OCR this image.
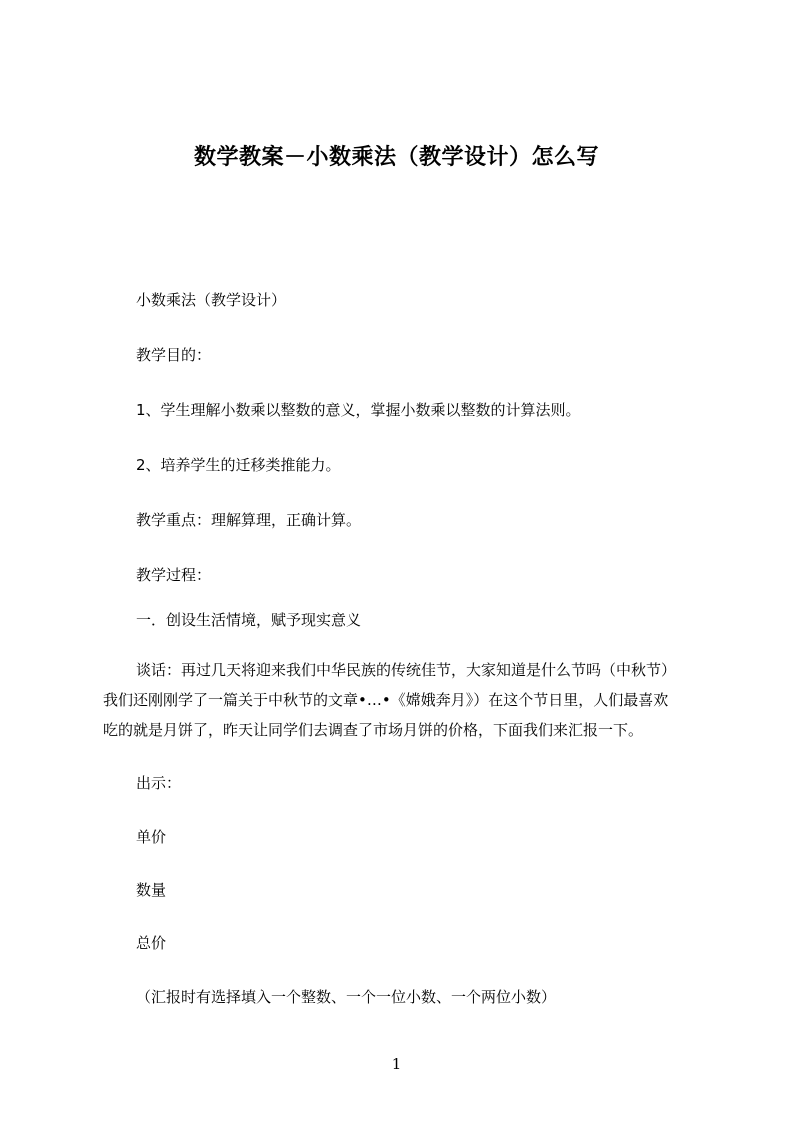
数学教案－小数乘法（教学设计）怎么写
小数乘法（教学设计）
教学目的：
1、学生理解小数乘以整数的意义，掌握小数乘以整数的计算法则。
2、培养学生的迁移类推能力。
教学重点：理解算理，正确计算。
教学过程：
一．创设生活情境，赋予现实意义
谈话：再过几天将迎来我们中华民族的传统佳节，大家知道是什么节吗（中秋节）
我们还刚刚学了一篇关于中秋节的文章•…•《嫦娥奔月》）在这个节日里，人们最喜欢
吃的就是月饼了，昨天让同学们去调查了市场月饼的价格，下面我们来汇报一下。
出示：
单价
数量
总价
（汇报时有选择填入一个整数、一个一位小数、一个两位小数）
1
